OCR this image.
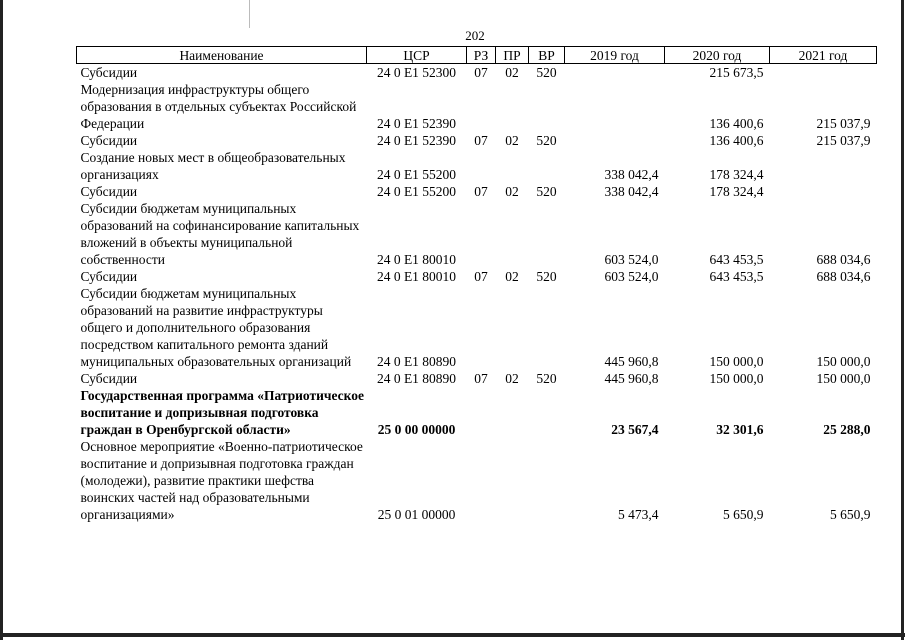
202
Наименование	ЦСР	РЗ	ПР	ВР	2019 год	2020 год	2021 год
Субсидии	24 0 E1 52300	07	02	520		215 673,5	
Модернизация инфраструктуры общего образования в отдельных субъектах Российской Федерации	24 0 E1 52390					136 400,6	215 037,9
Субсидии	24 0 E1 52390	07	02	520		136 400,6	215 037,9
Создание новых мест в общеобразовательных организациях	24 0 E1 55200				338 042,4	178 324,4	
Субсидии	24 0 E1 55200	07	02	520	338 042,4	178 324,4	
Субсидии бюджетам муниципальных образований на софинансирование капитальных вложений в объекты муниципальной собственности	24 0 E1 80010				603 524,0	643 453,5	688 034,6
Субсидии	24 0 E1 80010	07	02	520	603 524,0	643 453,5	688 034,6
Субсидии бюджетам муниципальных образований на развитие инфраструктуры общего и дополнительного образования посредством капитального ремонта зданий муниципальных образовательных организаций	24 0 E1 80890				445 960,8	150 000,0	150 000,0
Субсидии	24 0 E1 80890	07	02	520	445 960,8	150 000,0	150 000,0
Государственная программа «Патриотическое воспитание и допризывная подготовка граждан в Оренбургской области»	25 0 00 00000				23 567,4	32 301,6	25 288,0
Основное мероприятие «Военно-патриотическое воспитание и допризывная подготовка граждан (молодежи), развитие практики шефства воинских частей над образовательными организациями»	25 0 01 00000				5 473,4	5 650,9	5 650,9
